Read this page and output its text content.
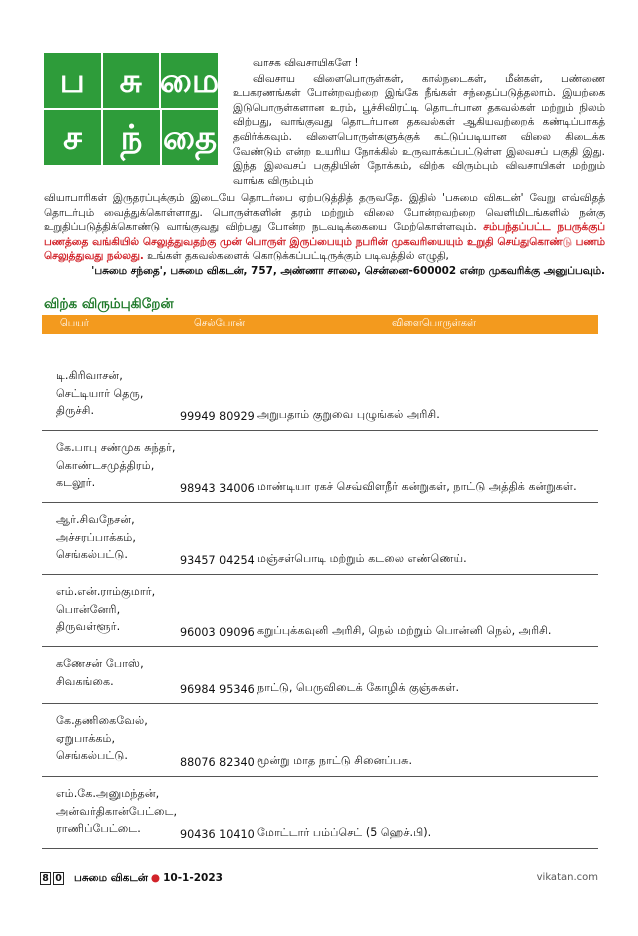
ப	சு மை
ச	ந் தை
வாசக விவசாயிகளே !
விவசாய விளைபொருள்கள், கால்நடைகள், மீன்கள், பண்ணை உபகரணங்கள் போன்றவற்றை இங்கே நீங்கள் சந்தைப்படுத்தலாம். இயற்கை இடுபொருள்களான உரம், பூச்சிவிரட்டி தொடர்பான தகவல்கள் மற்றும் நிலம் விற்பது, வாங்குவது தொடர்பான தகவல்கள் ஆகியவற்றைக் கண்டிப்பாகத் தவிர்க்கவும். விளைபொருள்களுக்குக் கட்டுப்படியான விலை கிடைக்க வேண்டும் என்ற உயரிய நோக்கில் உருவாக்கப்பட்டுள்ள இலவசப் பகுதி இது. இந்த இலவசப் பகுதியின் நோக்கம், விற்க விரும்பும் விவசாயிகள் மற்றும் வாங்க விரும்பும்
வியாபாரிகள் இருதரப்புக்கும் இடையே தொடர்பை ஏற்படுத்தித் தருவதே. இதில் 'பசுமை விகடன்' வேறு எவ்விதத் தொடர்பும் வைத்துக்கொள்ளாது. பொருள்களின் தரம் மற்றும் விலை போன்றவற்றை வெளிமிடங்களில் நன்கு உறுதிப்படுத்திக்கொண்டு வாங்குவது விற்பது போன்ற நடவடிக்கையை மேற்கொள்ளவும். சம்பந்தப்பட்ட நபருக்குப் பணத்தை வங்கியில் செலுத்துவதற்கு முன் பொருள் இருப்பையும் நபரின் முகவரியையும் உறுதி செய்துகொண்டு பணம் செலுத்துவது நல்லது. உங்கள் தகவல்களைக் கொடுக்கப்பட்டிருக்கும் படிவத்தில் எழுதி,
'பசுமை சந்தை', பசுமை விகடன், 757, அண்ணா சாலை, சென்னை-600002 என்ற முகவரிக்கு அனுப்பவும்.
விற்க விரும்புகிறேன்
பெயர்	செல்போன்	விளைபொருள்கள்
டி.கிரிவாசன்,
செட்டியார் தெரு,
திருச்சி.	99949 80929 அறுபதாம் குறுவை புழுங்கல் அரிசி.
கே.பாபு சண்முக சுந்தர்,
கொண்டசமுத்திரம்,
கடலூர்.	98943 34006 மாண்டியா ரகச் செவ்விளநீர் கன்றுகள், நாட்டு அத்திக் கன்றுகள்.
ஆர்.சிவநேசன்,
அச்சரப்பாக்கம்,
செங்கல்பட்டு.	93457 04254 மஞ்சள்பொடி மற்றும் கடலை எண்ணெய்.
எம்.என்.ராம்குமார்,
பொன்னேரி,
திருவள்ளூர்.	96003 09096 கறுப்புக்கவுனி அரிசி, நெல் மற்றும் பொன்னி நெல், அரிசி.
கணேசன் போஸ்,
சிவகங்கை.
96984 95346 நாட்டு, பெருவிடைக் கோழிக் குஞ்சுகள்.
கே.தணிகைவேல்,
ஏறுபாக்கம்,
செங்கல்பட்டு.
88076 82340 மூன்று மாத நாட்டு சினைப்பசு.
எம்.கே.அனுமந்தன்,
அன்வர்திகான்பேட்டை,
ராணிப்பேட்டை.	90436 10410 மோட்டார் பம்ப்செட் (5 ஹெச்.பி).
8 0 பசுமை விகடன் ● 10-1-2023	vikatan.com
